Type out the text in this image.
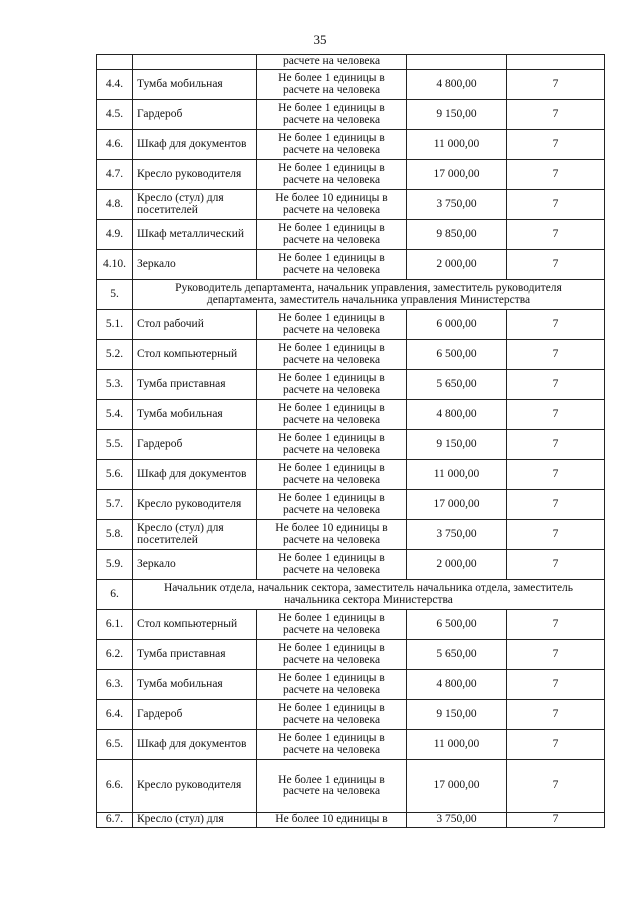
35
		расчете на человека		
4.4.	Тумба мобильная	Не более 1 единицы в расчете на человека	4 800,00	7
4.5.	Гардероб	Не более 1 единицы в расчете на человека	9 150,00	7
4.6.	Шкаф для документов	Не более 1 единицы в расчете на человека	11 000,00	7
4.7.	Кресло руководителя	Не более 1 единицы в расчете на человека	17 000,00	7
4.8.	Кресло (стул) для посетителей	Не более 10 единицы в расчете на человека	3 750,00	7
4.9.	Шкаф металлический	Не более 1 единицы в расчете на человека	9 850,00	7
4.10.	Зеркало	Не более 1 единицы в расчете на человека	2 000,00	7
5.	Руководитель департамента, начальник управления, заместитель руководителя департамента, заместитель начальника управления Министерства			
5.1.	Стол рабочий	Не более 1 единицы в расчете на человека	6 000,00	7
5.2.	Стол компьютерный	Не более 1 единицы в расчете на человека	6 500,00	7
5.3.	Тумба приставная	Не более 1 единицы в расчете на человека	5 650,00	7
5.4.	Тумба мобильная	Не более 1 единицы в расчете на человека	4 800,00	7
5.5.	Гардероб	Не более 1 единицы в расчете на человека	9 150,00	7
5.6.	Шкаф для документов	Не более 1 единицы в расчете на человека	11 000,00	7
5.7.	Кресло руководителя	Не более 1 единицы в расчете на человека	17 000,00	7
5.8.	Кресло (стул) для посетителей	Не более 10 единицы в расчете на человека	3 750,00	7
5.9.	Зеркало	Не более 1 единицы в расчете на человека	2 000,00	7
6.	Начальник отдела, начальник сектора, заместитель начальника отдела, заместитель начальника сектора Министерства			
6.1.	Стол компьютерный	Не более 1 единицы в расчете на человека	6 500,00	7
6.2.	Тумба приставная	Не более 1 единицы в расчете на человека	5 650,00	7
6.3.	Тумба мобильная	Не более 1 единицы в расчете на человека	4 800,00	7
6.4.	Гардероб	Не более 1 единицы в расчете на человека	9 150,00	7
6.5.	Шкаф для документов	Не более 1 единицы в расчете на человека	11 000,00	7
6.6.	Кресло руководителя	Не более 1 единицы в расчете на человека	17 000,00	7
6.7.	Кресло (стул) для	Не более 10 единицы в	3 750,00	7
